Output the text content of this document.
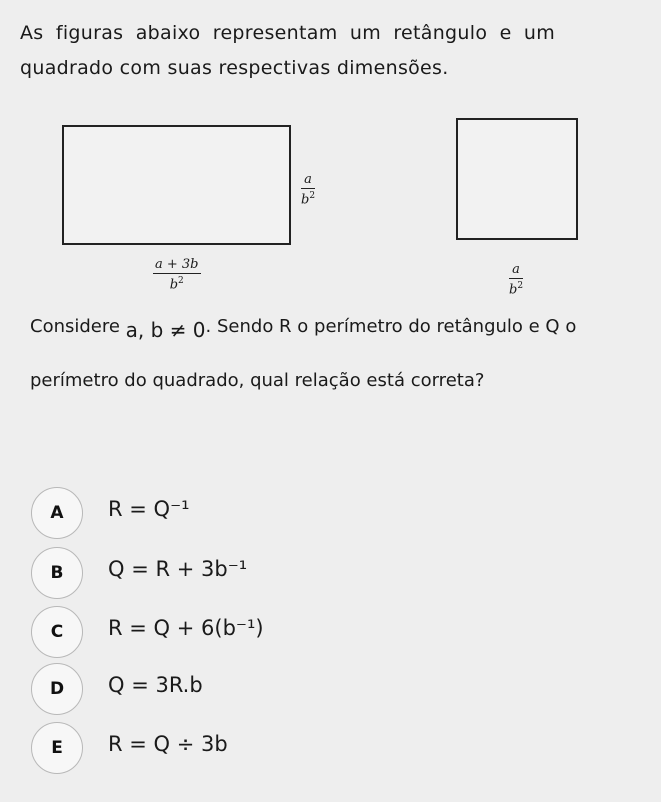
As figuras abaixo representam um retângulo e um
quadrado com suas respectivas dimensões.
a
$b^2$
a + 3b
$b^2$
a
$b^2$
Considere a, b ≠ 0. Sendo R o perímetro do retângulo e Q o
perímetro do quadrado, qual relação está correta?
A	R = Q⁻¹
B	Q = R + 3b⁻¹
C	R = Q + 6(b⁻¹)
D	Q = 3R.b
E	R = Q ÷ 3b
